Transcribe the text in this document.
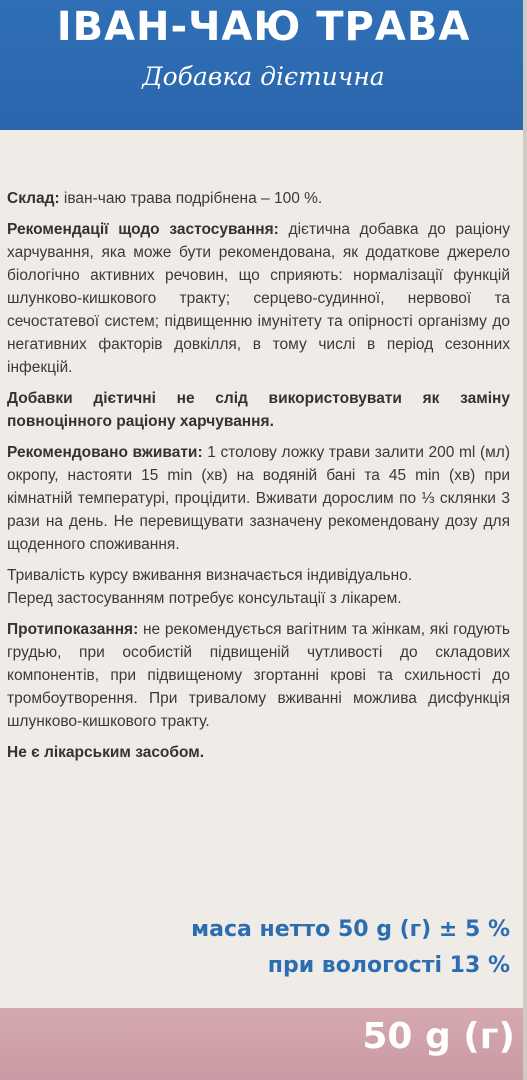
ІВАН-ЧАЮ ТРАВА
Добавка дієтична

Склад: іван-чаю трава подрібнена – 100 %.

Рекомендації щодо застосування: дієтична добавка до раціону харчування, яка може бути рекомендована, як додаткове джерело біологічно активних речовин, що сприяють: нормалізації функцій шлунково-кишкового тракту; серцево-судинної, нервової та сечостатевої систем; підвищенню імунітету та опірності організму до негативних факторів довкілля, в тому числі в період сезонних інфекцій.

Добавки дієтичні не слід використовувати як заміну повноцінного раціону харчування.

Рекомендовано вживати: 1 столову ложку трави залити 200 ml (мл) окропу, настояти 15 min (хв) на водяній бані та 45 min (хв) при кімнатній температурі, процідити. Вживати дорослим по ⅓ склянки 3 рази на день. Не перевищувати зазначену рекомендовану дозу для щоденного споживання.

Тривалість курсу вживання визначається індивідуально.

Перед застосуванням потребує консультації з лікарем.

Протипоказання: не рекомендується вагітним та жінкам, які годують грудью, при особистій підвищеній чутливості до складових компонентів, при підвищеному згортанні крові та схильності до тромбоутворення. При тривалому вживанні можлива дисфункція шлунково-кишкового тракту.

Не є лікарським засобом.

маса нетто 50 g (г) ± 5 %
при вологості 13 %
50 g (г)
